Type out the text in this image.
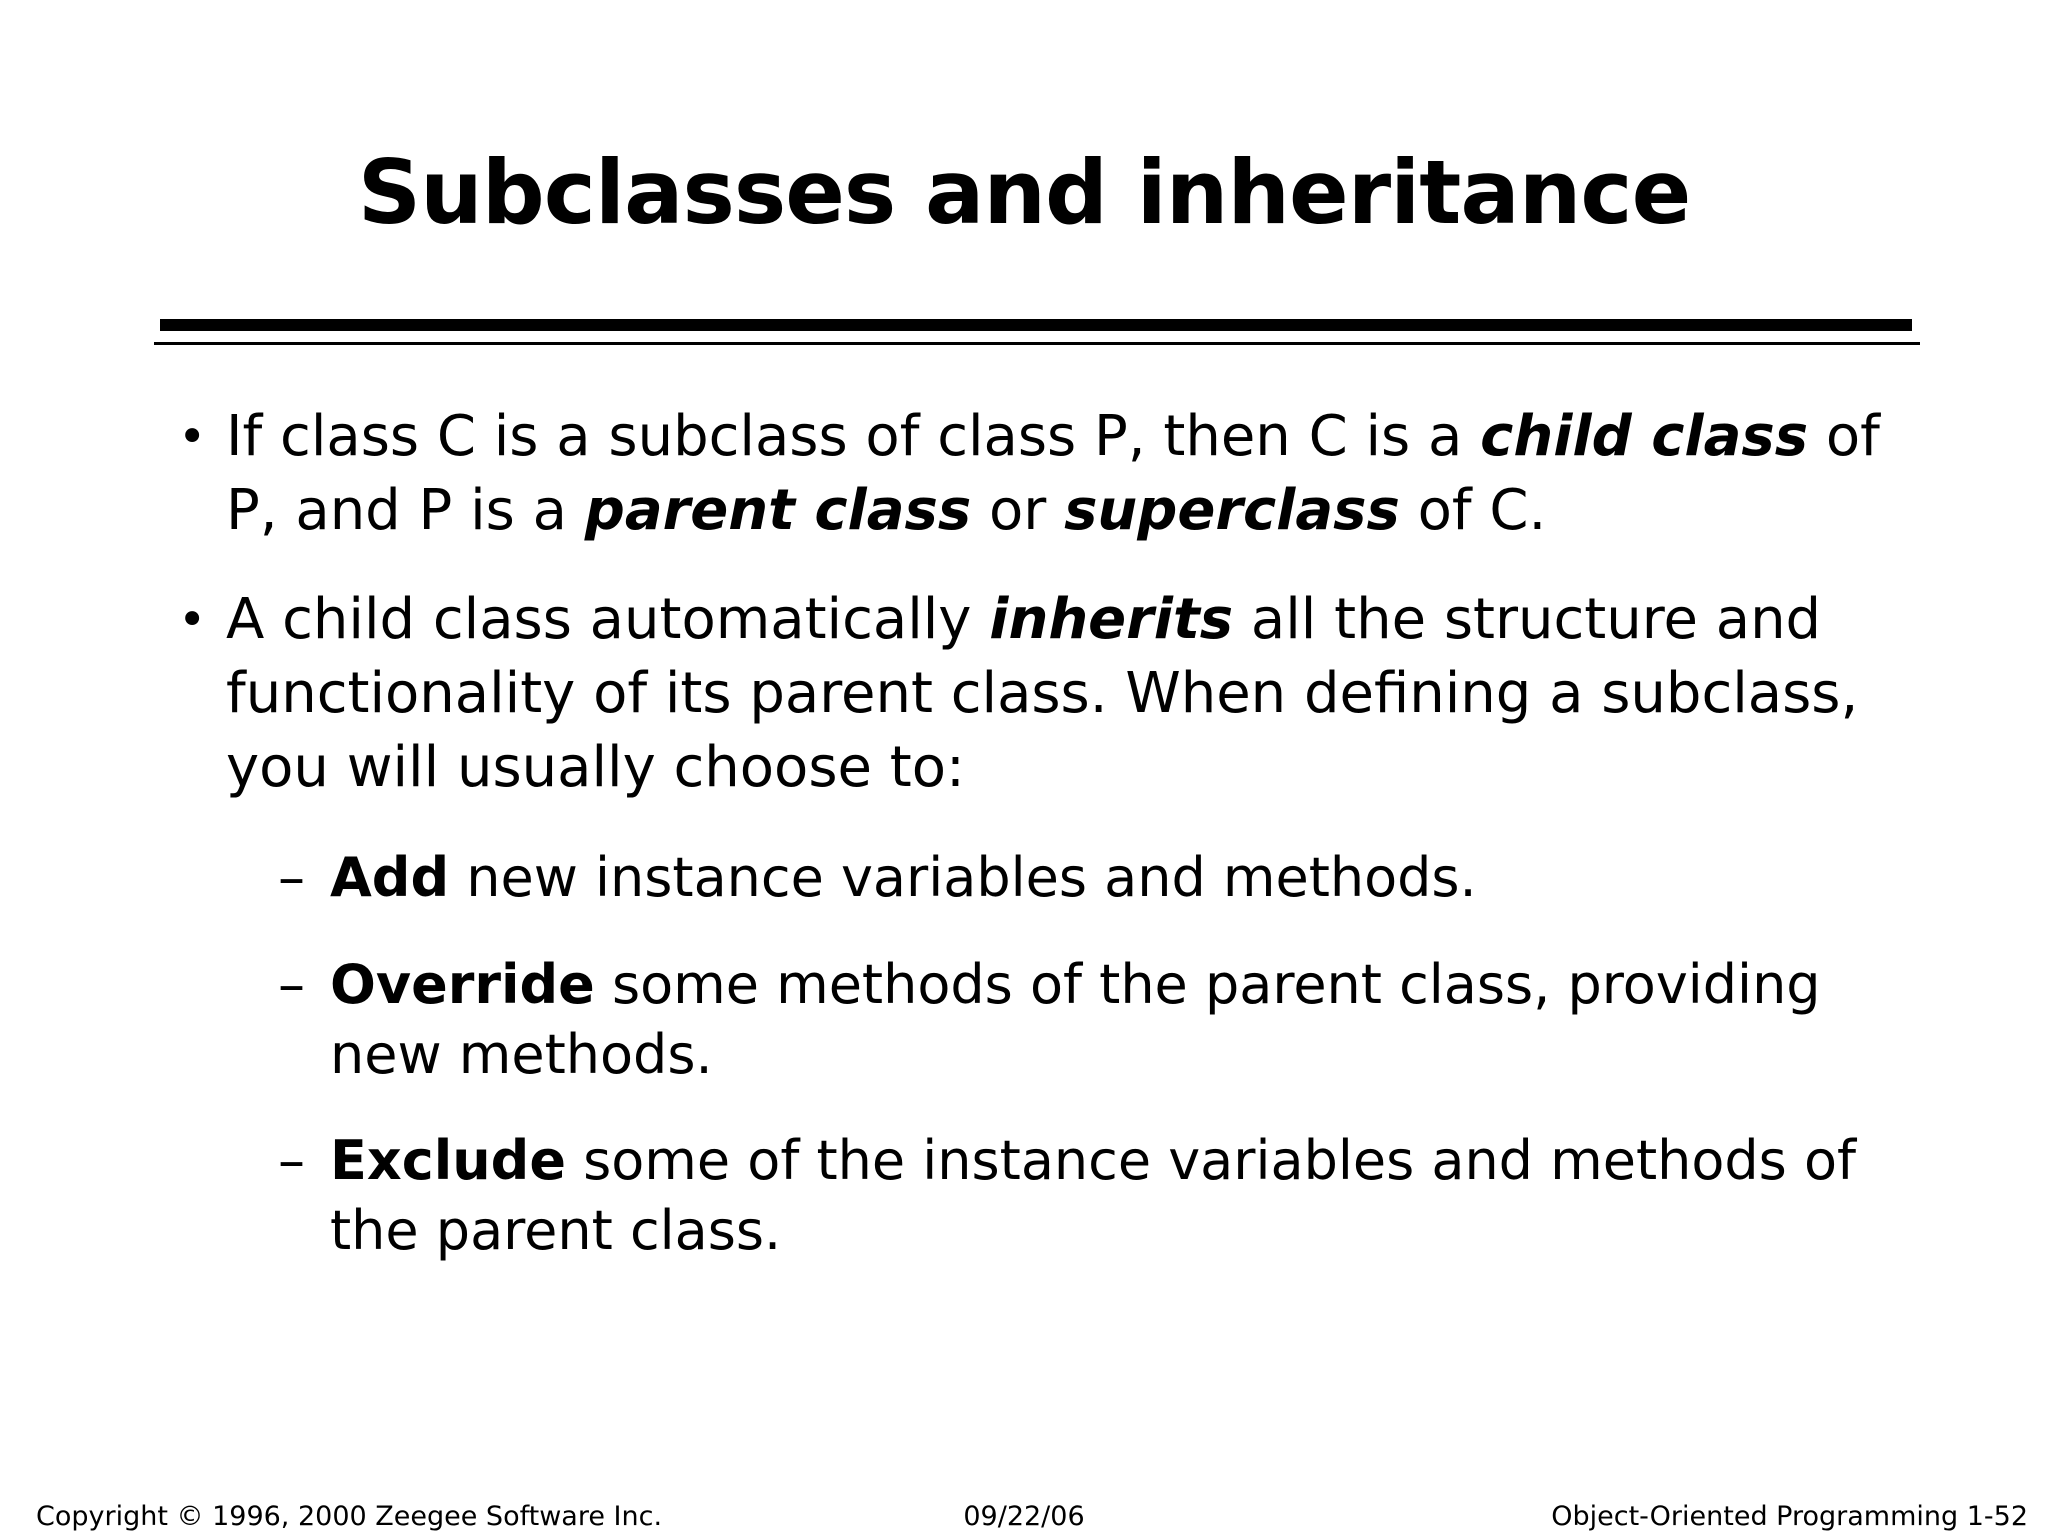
Subclasses and inheritance
• If class C is a subclass of class P, then C is a child class of P, and P is a parent class or superclass of C.
• A child class automatically inherits all the structure and functionality of its parent class. When defining a subclass, you will usually choose to:
– Add new instance variables and methods.
– Override some methods of the parent class, providing new methods.
– Exclude some of the instance variables and methods of the parent class.
Copyright © 1996, 2000 Zeegee Software Inc.	09/22/06	Object-Oriented Programming 1-52
